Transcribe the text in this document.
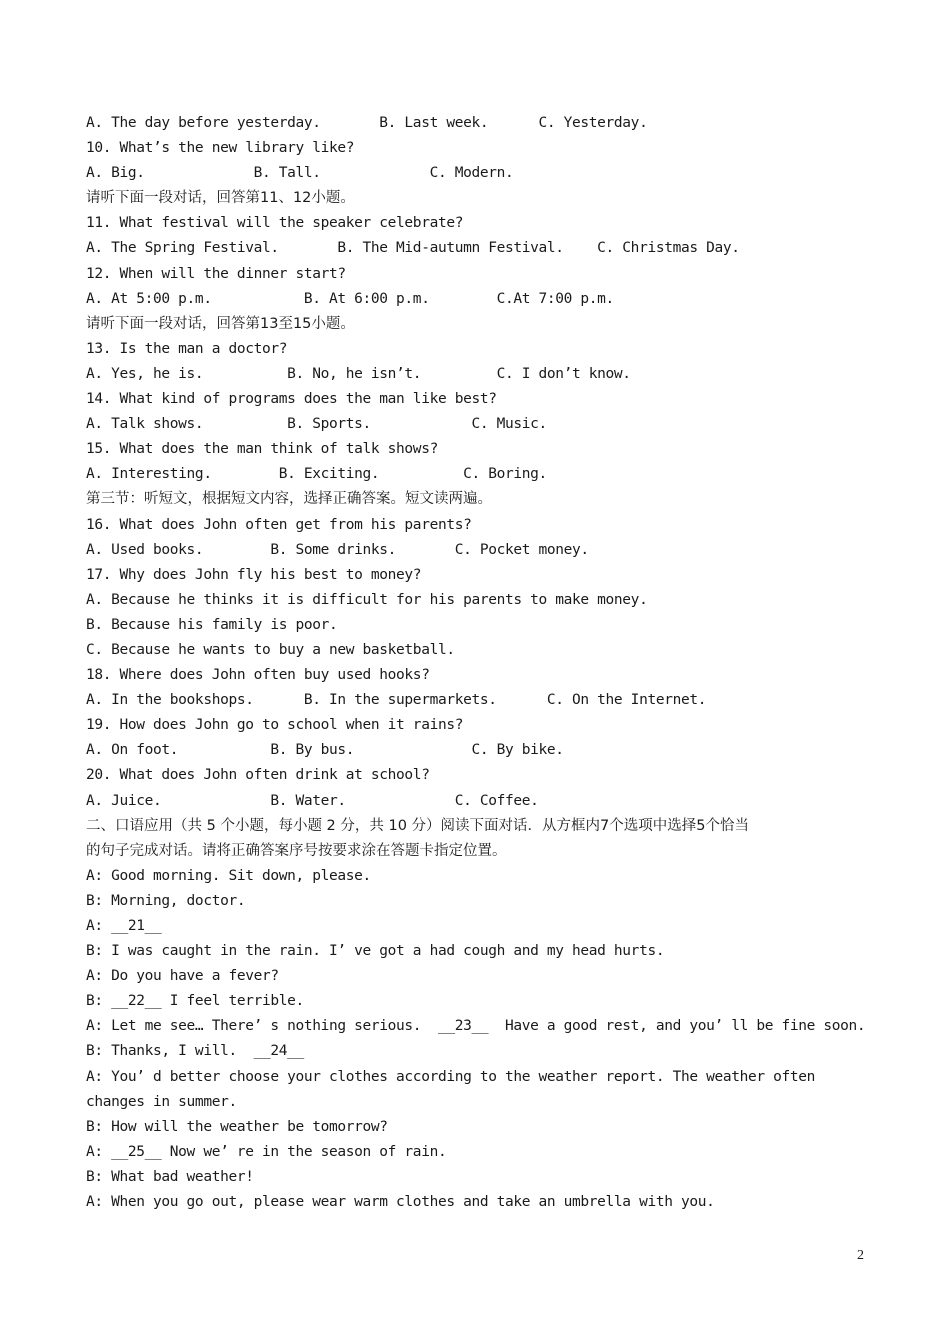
A. The day before yesterday.       B. Last week.      C. Yesterday.
10. What’s the new library like?
A. Big.             B. Tall.             C. Modern.
请听下面一段对话，回答第11、12小题。
11. What festival will the speaker celebrate?
A. The Spring Festival.       B. The Mid-autumn Festival.    C. Christmas Day.
12. When will the dinner start?
A. At 5:00 p.m.           B. At 6:00 p.m.        C.At 7:00 p.m.
请听下面一段对话，回答第13至15小题。
13. Is the man a doctor?
A. Yes, he is.          B. No, he isn’t.         C. I don’t know.
14. What kind of programs does the man like best?
A. Talk shows.          B. Sports.            C. Music.
15. What does the man think of talk shows?
A. Interesting.        B. Exciting.          C. Boring.
第三节：听短文，根据短文内容，选择正确答案。短文读两遍。
16. What does John often get from his parents?
A. Used books.        B. Some drinks.       C. Pocket money.
17. Why does John fly his best to money?
A. Because he thinks it is difficult for his parents to make money.
B. Because his family is poor.
C. Because he wants to buy a new basketball.
18. Where does John often buy used hooks?
A. In the bookshops.      B. In the supermarkets.      C. On the Internet.
19. How does John go to school when it rains?
A. On foot.           B. By bus.              C. By bike.
20. What does John often drink at school?
A. Juice.             B. Water.             C. Coffee.
二、口语应用（共 5 个小题，每小题 2 分，共 10 分）阅读下面对话．从方框内7个选项中选择5个恰当
的句子完成对话。请将正确答案序号按要求涂在答题卡指定位置。
A: Good morning. Sit down, please.
B: Morning, doctor.
A: __21__
B: I was caught in the rain. I’ ve got a had cough and my head hurts.
A: Do you have a fever?
B: __22__ I feel terrible.
A: Let me see… There’ s nothing serious.  __23__  Have a good rest, and you’ ll be fine soon.
B: Thanks, I will.  __24__
A: You’ d better choose your clothes according to the weather report. The weather often
changes in summer.
B: How will the weather be tomorrow?
A: __25__ Now we’ re in the season of rain.
B: What bad weather!
A: When you go out, please wear warm clothes and take an umbrella with you.
2
